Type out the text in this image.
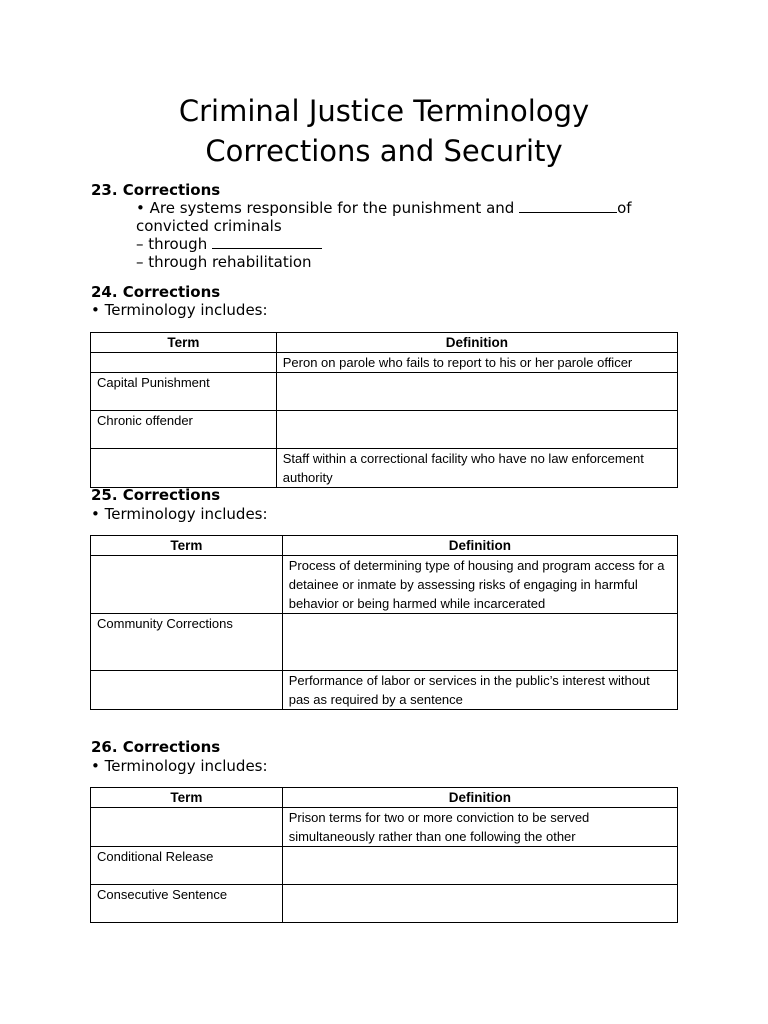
Criminal Justice Terminology
Corrections and Security
23. Corrections
• Are systems responsible for the punishment and	of
convicted criminals
– through
– through rehabilitation
24. Corrections
• Terminology includes:
Term	Definition
	Peron on parole who fails to report to his or her parole officer
Capital Punishment	
Chronic offender	
	Staff within a correctional facility who have no law enforcement authority
25. Corrections
• Terminology includes:
Term	Definition
	Process of determining type of housing and program access for a detainee or inmate by assessing risks of engaging in harmful behavior or being harmed while incarcerated
Community Corrections	
	Performance of labor or services in the public’s interest without pas as required by a sentence
26. Corrections
• Terminology includes:
Term	Definition
	Prison terms for two or more conviction to be served simultaneously rather than one following the other
Conditional Release	
Consecutive Sentence	
